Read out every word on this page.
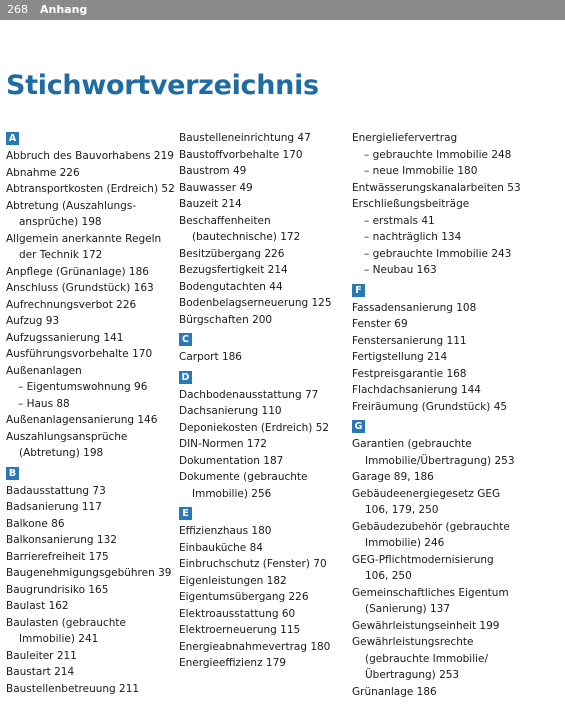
268 Anhang
Stichwortverzeichnis
A
Abbruch des Bauvorhabens 219
Abnahme 226
Abtransportkosten (Erdreich) 52
Abtretung (Auszahlungs-
ansprüche) 198
Allgemein anerkannte Regeln
der Technik 172
Anpflege (Grünanlage) 186
Anschluss (Grundstück) 163
Aufrechnungsverbot 226
Aufzug 93
Aufzugssanierung 141
Ausführungsvorbehalte 170
Außenanlagen
– Eigentumswohnung 96
– Haus 88
Außenanlagensanierung 146
Auszahlungsansprüche
(Abtretung) 198
B
Badausstattung 73
Badsanierung 117
Balkone 86
Balkonsanierung 132
Barrierefreiheit 175
Baugenehmigungsgebühren 39
Baugrundrisiko 165
Baulast 162
Baulasten (gebrauchte
Immobilie) 241
Bauleiter 211
Baustart 214
Baustellenbetreuung 211
Baustelleneinrichtung 47
Baustoffvorbehalte 170
Baustrom 49
Bauwasser 49
Bauzeit 214
Beschaffenheiten
(bautechnische) 172
Besitzübergang 226
Bezugsfertigkeit 214
Bodengutachten 44
Bodenbelagserneuerung 125
Bürgschaften 200
C
Carport 186
D
Dachbodenausstattung 77
Dachsanierung 110
Deponiekosten (Erdreich) 52
DIN-Normen 172
Dokumentation 187
Dokumente (gebrauchte
Immobilie) 256
E
Effizienzhaus 180
Einbauküche 84
Einbruchschutz (Fenster) 70
Eigenleistungen 182
Eigentumsübergang 226
Elektroausstattung 60
Elektroerneuerung 115
Energieabnahmevertrag 180
Energieeffizienz 179
Energieliefervertrag
– gebrauchte Immobilie 248
– neue Immobilie 180
Entwässerungskanalarbeiten 53
Erschließungsbeiträge
– erstmals 41
– nachträglich 134
– gebrauchte Immobilie 243
– Neubau 163
F
Fassadensanierung 108
Fenster 69
Fenstersanierung 111
Fertigstellung 214
Festpreisgarantie 168
Flachdachsanierung 144
Freiräumung (Grundstück) 45
G
Garantien (gebrauchte
Immobilie/Übertragung) 253
Garage 89, 186
Gebäudeenergiegesetz GEG
106, 179, 250
Gebäudezubehör (gebrauchte
Immobilie) 246
GEG-Pflichtmodernisierung
106, 250
Gemeinschaftliches Eigentum
(Sanierung) 137
Gewährleistungseinheit 199
Gewährleistungsrechte
(gebrauchte Immobilie/
Übertragung) 253
Grünanlage 186
